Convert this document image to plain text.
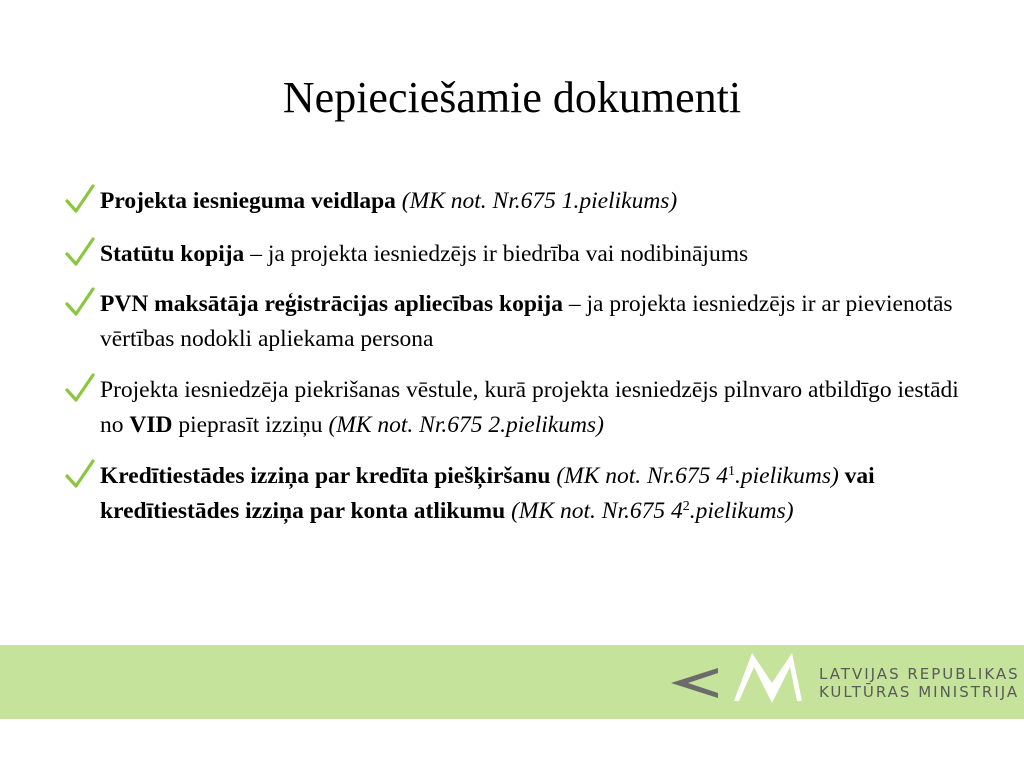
Nepieciešamie dokumenti
Projekta iesnieguma veidlapa (MK not. Nr.675 1.pielikums)
Statūtu kopija – ja projekta iesniedzējs ir biedrība vai nodibinājums
PVN maksātāja reģistrācijas apliecības kopija – ja projekta iesniedzējs ir ar pievienotās vērtības nodokli apliekama persona
Projekta iesniedzēja piekrišanas vēstule, kurā projekta iesniedzējs pilnvaro atbildīgo iestādi no VID pieprasīt izziņu (MK not. Nr.675 2.pielikums)
Kredītiestādes izziņa par kredīta piešķiršanu (MK not. Nr.675 $4^1.pielikums$) vai kredītiestādes izziņa par konta atlikumu (MK not. Nr.675 $4^2.pielikums$)
LATVIJAS REPUBLIKAS
KULTŪRAS MINISTRIJA
